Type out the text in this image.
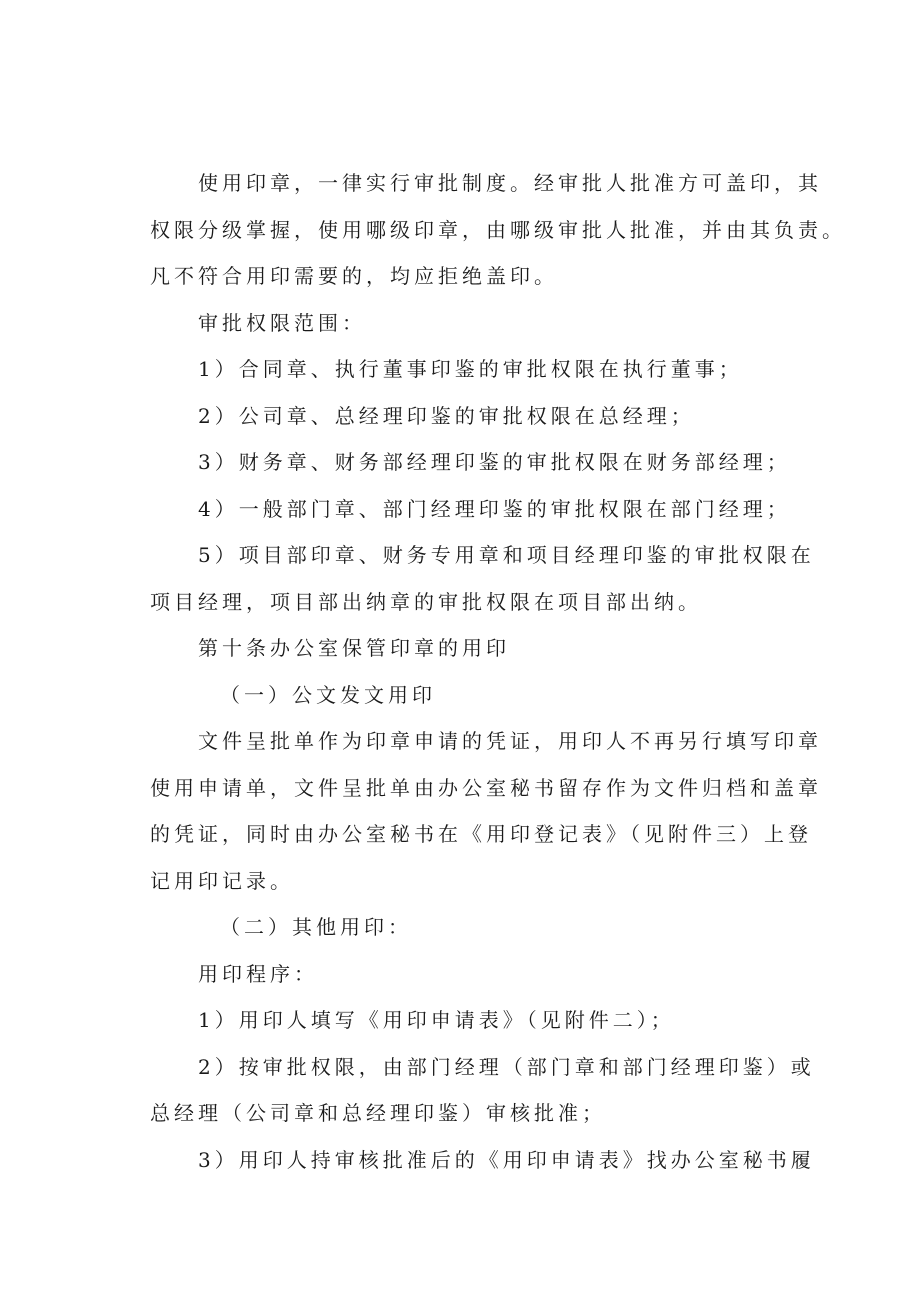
使用印章，一律实行审批制度。经审批人批准方可盖印，其

权限分级掌握，使用哪级印章，由哪级审批人批准，并由其负责。

凡不符合用印需要的，均应拒绝盖印。

审批权限范围：

1）合同章、执行董事印鉴的审批权限在执行董事；

2）公司章、总经理印鉴的审批权限在总经理；

3）财务章、财务部经理印鉴的审批权限在财务部经理；

4）一般部门章、部门经理印鉴的审批权限在部门经理；

5）项目部印章、财务专用章和项目经理印鉴的审批权限在

项目经理，项目部出纳章的审批权限在项目部出纳。

第十条办公室保管印章的用印

（一）公文发文用印

文件呈批单作为印章申请的凭证，用印人不再另行填写印章

使用申请单，文件呈批单由办公室秘书留存作为文件归档和盖章

的凭证，同时由办公室秘书在《用印登记表》（见附件三）上登

记用印记录。

（二）其他用印：

用印程序：

1）用印人填写《用印申请表》（见附件二）；

2）按审批权限，由部门经理（部门章和部门经理印鉴）或

总经理（公司章和总经理印鉴）审核批准；

3）用印人持审核批准后的《用印申请表》找办公室秘书履
